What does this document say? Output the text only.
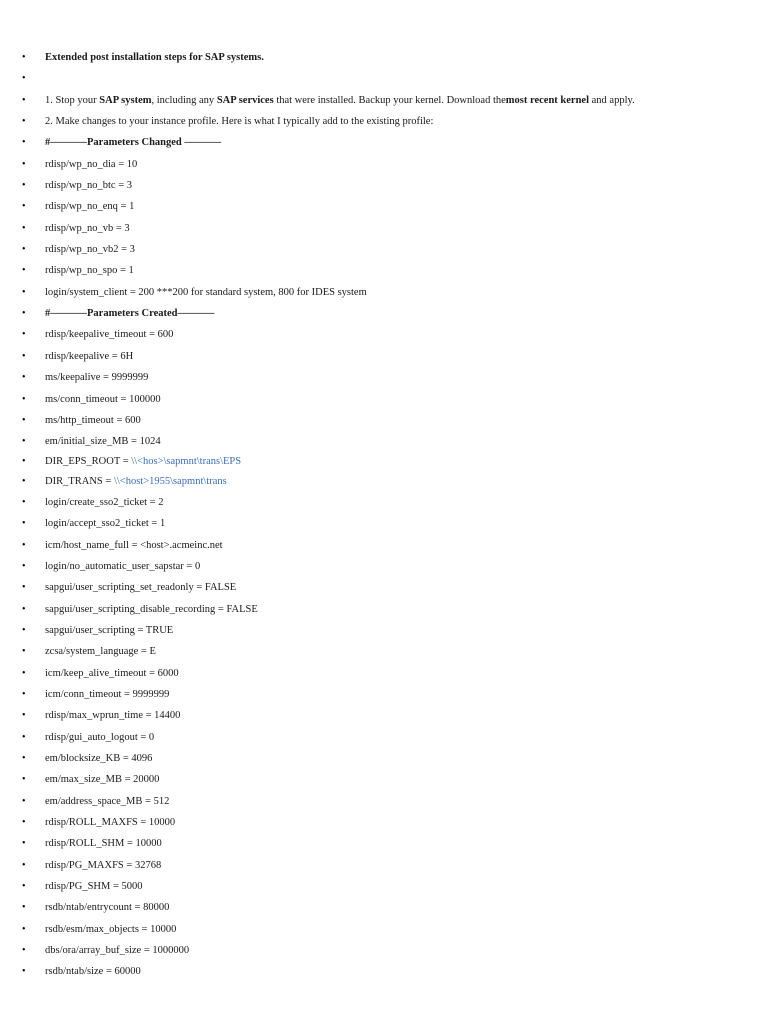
• Extended post installation steps for SAP systems.
•
• 1. Stop your SAP system, including any SAP services that were installed. Backup your kernel. Download themost recent kernel and apply.
• 2. Make changes to your instance profile. Here is what I typically add to the existing profile:
• #———–Parameters Changed ———–
• rdisp/wp_no_dia = 10
• rdisp/wp_no_btc = 3
• rdisp/wp_no_enq = 1
• rdisp/wp_no_vb = 3
• rdisp/wp_no_vb2 = 3
• rdisp/wp_no_spo = 1
• login/system_client = 200 ***200 for standard system, 800 for IDES system
• #———–Parameters Created———–
• rdisp/keepalive_timeout = 600
• rdisp/keepalive = 6H
• ms/keepalive = 9999999
• ms/conn_timeout = 100000
• ms/http_timeout = 600
• em/initial_size_MB = 1024
• DIR_EPS_ROOT = \\<hos>\sapmnt\trans\EPS
• DIR_TRANS = \\<host>1955\sapmnt\trans
• login/create_sso2_ticket = 2
• login/accept_sso2_ticket = 1
• icm/host_name_full = <host>.acmeinc.net
• login/no_automatic_user_sapstar = 0
• sapgui/user_scripting_set_readonly = FALSE
• sapgui/user_scripting_disable_recording = FALSE
• sapgui/user_scripting = TRUE
• zcsa/system_language = E
• icm/keep_alive_timeout = 6000
• icm/conn_timeout = 9999999
• rdisp/max_wprun_time = 14400
• rdisp/gui_auto_logout = 0
• em/blocksize_KB = 4096
• em/max_size_MB = 20000
• em/address_space_MB = 512
• rdisp/ROLL_MAXFS = 10000
• rdisp/ROLL_SHM = 10000
• rdisp/PG_MAXFS = 32768
• rdisp/PG_SHM = 5000
• rsdb/ntab/entrycount = 80000
• rsdb/esm/max_objects = 10000
• dbs/ora/array_buf_size = 1000000
• rsdb/ntab/size = 60000
